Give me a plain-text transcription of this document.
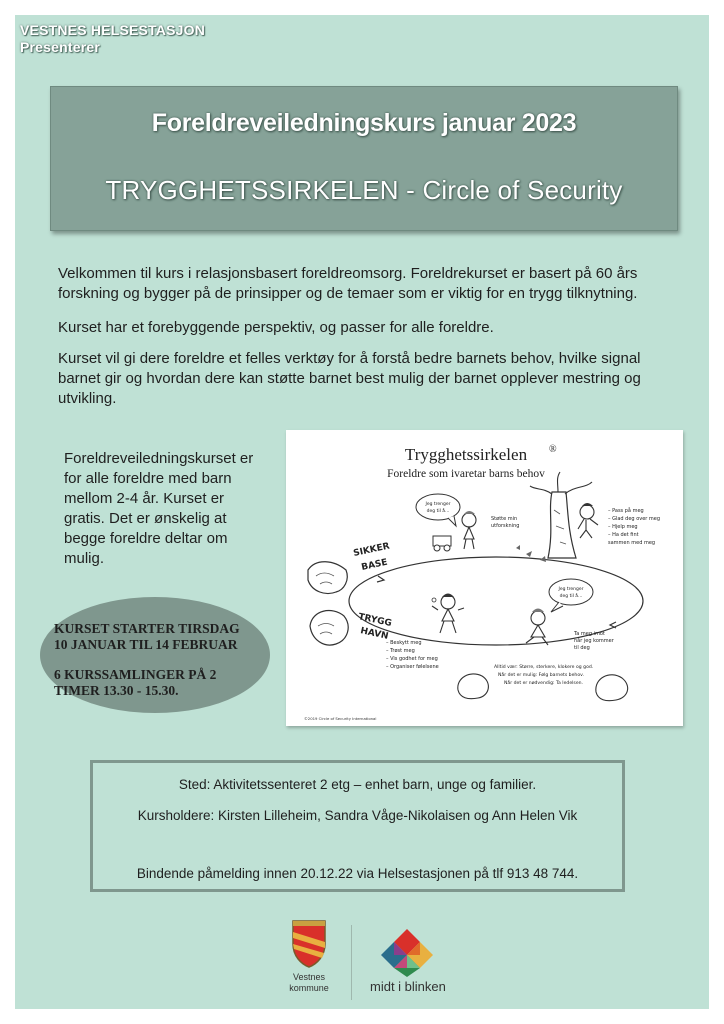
VESTNES HELSESTASJON
Presenterer
Foreldreveiledningskurs januar 2023
TRYGGHETSSIRKELEN - Circle of Security
Velkommen til kurs i relasjonsbasert foreldreomsorg. Foreldrekurset er basert på 60 års forskning og bygger på de prinsipper og de temaer som er viktig for en trygg tilknytning.
Kurset har et forebyggende perspektiv, og passer for alle foreldre.
Kurset vil gi dere foreldre et felles verktøy for å forstå bedre barnets behov, hvilke signal barnet gir og hvordan dere kan støtte barnet best mulig der barnet opplever mestring og utvikling.
Foreldreveiledningskurset er for alle foreldre med barn mellom 2-4 år. Kurset er gratis. Det er ønskelig at begge foreldre deltar om mulig.
KURSET STARTER TIRSDAG
10 JANUAR TIL 14 FEBRUAR
6 KURSSAMLINGER PÅ 2
TIMER 13.30 - 15.30.
Trygghetssirkelen ®
Foreldre som ivaretar barns behov
Jeg trenger
deg til å...
Støtte min
utforskning
– Pass på meg
– Glad deg over meg
– Hjelp meg
– Ha det fint
sammen med meg
SIKKER
BASE
TRYGG
HAVN
Jeg trenger
deg til å...
Ta meg imot
når jeg kommer
til deg
– Beskytt meg
– Trøst meg
– Vis godhet for meg
– Organiser følelsene	Alltid vær: Større, sterkere, klokere og god.
Når det er mulig: Følg barnets behov.
Når det er nødvendig: Ta ledelsen.
©2019 Circle of Security International
Sted: Aktivitetssenteret 2 etg – enhet barn, unge og familier.
Kursholdere: Kirsten Lilleheim, Sandra Våge-Nikolaisen og Ann Helen Vik
Bindende påmelding innen 20.12.22 via Helsestasjonen på tlf 913 48 744.
Vestnes
kommune	midt i blinken
